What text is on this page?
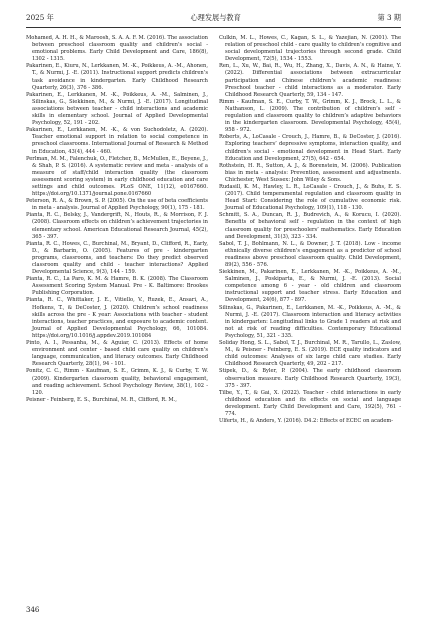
2025 年	心理发展与教育	第 3 期

Mohamed, A. H. H., & Maroosh, S. A. A. F. M. (2016). The association between preschool classroom quality and children’s social -emotional problems. Early Child Development and Care, 186(8), 1302 - 1315.

Pakarinen, E., Kiuru, N., Lerkkanen, M. -K., Poikkeus, A. -M., Ahonen, T., & Nurmi, J. -E. (2011). Instructional support predicts children’s task avoidance in kindergarten. Early Childhood Research Quarterly, 26(3), 376 - 386.

Pakarinen, E., Lerkkanen, M. -K., Poikkeus, A. -M., Salminen, J., Silinskas, G., Siekkinen, M., & Nurmi, J. -E. (2017). Longitudinal associations between teacher - child interactions and academic skills in elementary school. Journal of Applied Developmental Psychology, 52, 191 - 202.

Pakarinen, E., Lerkkanen, M. -K., & von Suchodoletz, A. (2020). Teacher emotional support in relation to social competence in preschool classrooms. International Journal of Research & Method in Education, 43(4), 444 - 460.

Perlman, M. M., Falenchuk, O., Fletcher, B., McMullen, E., Beyene, J., & Shah, P. S. (2016). A systematic review and meta - analysis of a measure of staff/child interaction quality (the classroom assessment scoring system) in early childhood education and care settings and child outcomes. PLoS ONE, 11(12), e0167660. https://doi.org/10.1371/journal.pone.0167660

Peterson, R. A., & Brown, S. P. (2005). On the use of beta coefficients in meta - analysis. Journal of Applied Psychology, 90(1), 175 - 181.

Pianta, R. C., Belsky, J., Vandergrift, N., Houts, R., & Morrison, F. J. (2008). Classroom effects on children’s achievement trajectories in elementary school. American Educational Research Journal, 45(2), 365 - 397.

Pianta, R. C., Howes, C., Burchinal, M., Bryant, D., Clifford, R., Early, D., & Barbarin, O. (2005). Features of pre - kindergarten programs, classrooms, and teachers: Do they predict observed classroom quality and child - teacher interactions? Applied Developmental Science, 9(3), 144 - 159.

Pianta, R. C., La Paro, K. M. & Hamre, B. K. (2008). The Classroom Assessment Scoring System Manual. Pre - K. Baltimore: Brookes Publishing Corporation.

Pianta, R. C., Whittaker, J. E., Vitiello, V., Ruzek, E., Ansari, A., Hofkens, T., & DeCoster, J. (2020). Children’s school readiness skills across the pre - K year: Associations with teacher - student interactions, teacher practices, and exposure to academic content. Journal of Applied Developmental Psychology, 66, 101084. https://doi.org/10.1016/j.appdev.2019.101084

Pinto, A. I., Pessanha, M., & Aguiar, C. (2013). Effects of home environment and center - based child care quality on children’s language, communication, and literacy outcomes. Early Childhood Research Quarterly, 28(1), 94 - 101.

Ponitz, C. C., Rimm - Kaufman, S. E., Grimm, K. J., & Curby, T. W. (2009). Kindergarten classroom quality, behavioral engagement, and reading achievement. School Psychology Review, 38(1), 102 - 120.

Peisner - Feinberg, E. S., Burchinal, M. R., Clifford, R. M.,

Culkin, M. L., Howes, C., Kagan, S. L., & Yazejian, N. (2001). The relation of preschool child - care quality to children’s cognitive and social developmental trajectories through second grade. Child Development, 72(5), 1534 - 1553.

Ren, L., Xu, W., Bai, R., Wu, H., Zhang, X., Davis, A. N., & Haine, Y. (2022). Differential associations between extracurricular participation and Chinese children’s academic readiness: Preschool teacher - child interactions as a moderator. Early Childhood Research Quarterly, 59, 134 - 147.

Rimm - Kaufman, S. E., Curby, T. W., Grimm, K. J., Brock, L. L., & Nathanson, L. (2009). The contribution of children’s self - regulation and classroom quality to children’s adaptive behaviors in the kindergarten classroom. Developmental Psychology, 45(4), 958 - 972.

Roberts, A., LoCasale - Crouch, J., Hamre, B., & DeCoster, J. (2016). Exploring teachers’ depressive symptoms, interaction quality, and children’s social - emotional development in Head Start. Early Education and Development, 27(5), 642 - 654.

Rothstein, H. R., Sutton, A. J., & Borenstein, M. (2006). Publication bias in meta - analysis: Prevention, assessment and adjustments. Chichester, West Sussex: John Wiley & Sons.

Rudasill, K. M., Hawley, L. R., LoCasale - Crouch, J., & Buhs, E. S. (2017). Child temperamental regulation and classroom quality in Head Start: Considering the role of cumulative economic risk. Journal of Educational Psychology, 109(1), 118 - 130.

Schmitt, S. A., Duncan, R. J., Budrevich, A., & Korucu, I. (2020). Benefits of behavioral self - regulation in the context of high classroom quality for preschoolers’ mathematics. Early Education and Development, 31(3), 323 - 334.

Sabol, T. J., Bohlmann, N. L., & Downer, J. T. (2018). Low - income ethnically diverse children’s engagement as a predictor of school readiness above preschool classroom quality. Child Development, 89(2), 556 - 576.

Siekkinen, M., Pakarinen, E., Lerkkanen, M. -K., Poikkeus, A. -M., Salminen, J., Poskiparta, E., & Nurmi, J. -E. (2013). Social competence among 6 - year - old children and classroom instructional support and teacher stress. Early Education and Development, 24(6), 877 - 897.

Silinskas, G., Pakarinen, E., Lerkkanen, M. -K., Poikkeus, A. -M., & Nurmi, J. -E. (2017). Classroom interaction and literacy activities in kindergarten: Longitudinal links to Grade 1 readers at risk and not at risk of reading difficulties. Contemporary Educational Psychology, 51, 321 - 335.

Soliday Hong, S. L., Sabol, T. J., Burchinal, M. R., Tarullo, L., Zaslow, M., & Peisner - Feinberg, E. S. (2019). ECE quality indicators and child outcomes: Analyses of six large child care studies. Early Childhood Research Quarterly, 49, 202 - 217.

Stipek, D., & Byler, P. (2004). The early childhood classroom observation measure. Early Childhood Research Quarterly, 19(3), 375 - 397.

Tilbe, Y., T., & Gai, X. (2022). Teacher - child interactions in early childhood education and its effects on social and language development. Early Child Development and Care, 192(5), 761 - 774.

Ulferts, H., & Anders, Y. (2016). D4.2: Effects of ECEC on academ-

346
